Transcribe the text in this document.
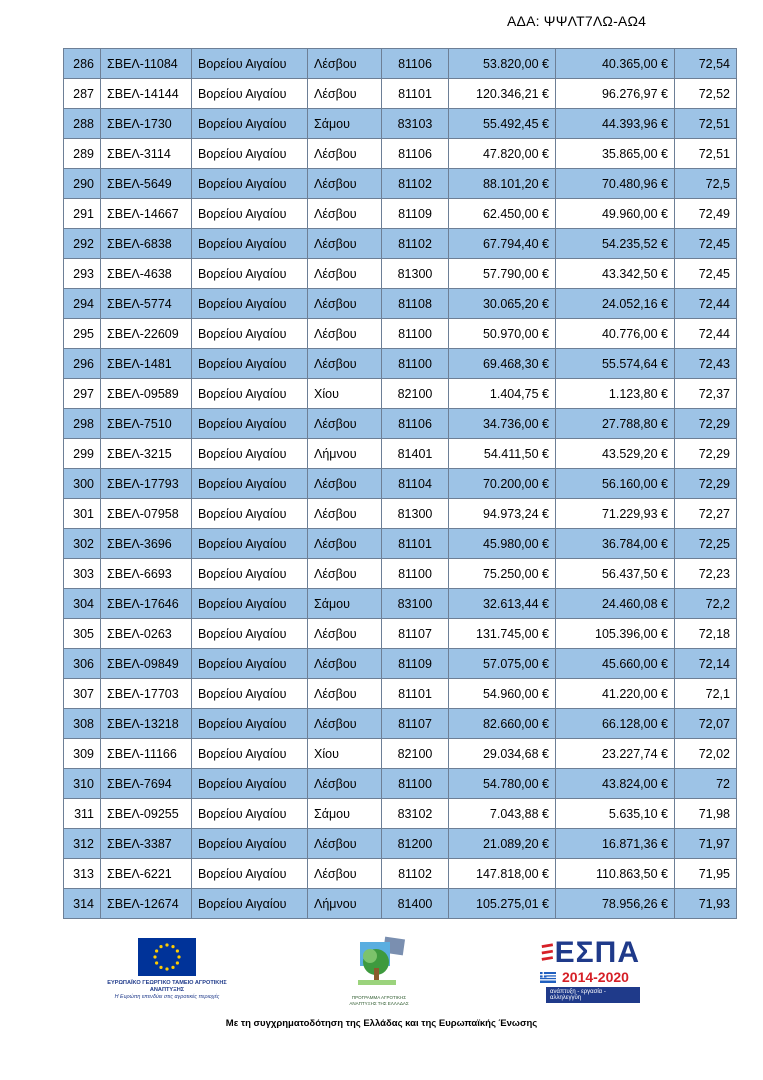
ΑΔΑ: ΨΨΛΤ7ΛΩ-ΑΩ4
286	ΣΒΕΛ-11084	Βορείου Αιγαίου	Λέσβου	81106	53.820,00 €	40.365,00 €	72,54
287	ΣΒΕΛ-14144	Βορείου Αιγαίου	Λέσβου	81101	120.346,21 €	96.276,97 €	72,52
288	ΣΒΕΛ-1730	Βορείου Αιγαίου	Σάμου	83103	55.492,45 €	44.393,96 €	72,51
289	ΣΒΕΛ-3114	Βορείου Αιγαίου	Λέσβου	81106	47.820,00 €	35.865,00 €	72,51
290	ΣΒΕΛ-5649	Βορείου Αιγαίου	Λέσβου	81102	88.101,20 €	70.480,96 €	72,5
291	ΣΒΕΛ-14667	Βορείου Αιγαίου	Λέσβου	81109	62.450,00 €	49.960,00 €	72,49
292	ΣΒΕΛ-6838	Βορείου Αιγαίου	Λέσβου	81102	67.794,40 €	54.235,52 €	72,45
293	ΣΒΕΛ-4638	Βορείου Αιγαίου	Λέσβου	81300	57.790,00 €	43.342,50 €	72,45
294	ΣΒΕΛ-5774	Βορείου Αιγαίου	Λέσβου	81108	30.065,20 €	24.052,16 €	72,44
295	ΣΒΕΛ-22609	Βορείου Αιγαίου	Λέσβου	81100	50.970,00 €	40.776,00 €	72,44
296	ΣΒΕΛ-1481	Βορείου Αιγαίου	Λέσβου	81100	69.468,30 €	55.574,64 €	72,43
297	ΣΒΕΛ-09589	Βορείου Αιγαίου	Χίου	82100	1.404,75 €	1.123,80 €	72,37
298	ΣΒΕΛ-7510	Βορείου Αιγαίου	Λέσβου	81106	34.736,00 €	27.788,80 €	72,29
299	ΣΒΕΛ-3215	Βορείου Αιγαίου	Λήμνου	81401	54.411,50 €	43.529,20 €	72,29
300	ΣΒΕΛ-17793	Βορείου Αιγαίου	Λέσβου	81104	70.200,00 €	56.160,00 €	72,29
301	ΣΒΕΛ-07958	Βορείου Αιγαίου	Λέσβου	81300	94.973,24 €	71.229,93 €	72,27
302	ΣΒΕΛ-3696	Βορείου Αιγαίου	Λέσβου	81101	45.980,00 €	36.784,00 €	72,25
303	ΣΒΕΛ-6693	Βορείου Αιγαίου	Λέσβου	81100	75.250,00 €	56.437,50 €	72,23
304	ΣΒΕΛ-17646	Βορείου Αιγαίου	Σάμου	83100	32.613,44 €	24.460,08 €	72,2
305	ΣΒΕΛ-0263	Βορείου Αιγαίου	Λέσβου	81107	131.745,00 €	105.396,00 €	72,18
306	ΣΒΕΛ-09849	Βορείου Αιγαίου	Λέσβου	81109	57.075,00 €	45.660,00 €	72,14
307	ΣΒΕΛ-17703	Βορείου Αιγαίου	Λέσβου	81101	54.960,00 €	41.220,00 €	72,1
308	ΣΒΕΛ-13218	Βορείου Αιγαίου	Λέσβου	81107	82.660,00 €	66.128,00 €	72,07
309	ΣΒΕΛ-11166	Βορείου Αιγαίου	Χίου	82100	29.034,68 €	23.227,74 €	72,02
310	ΣΒΕΛ-7694	Βορείου Αιγαίου	Λέσβου	81100	54.780,00 €	43.824,00 €	72
311	ΣΒΕΛ-09255	Βορείου Αιγαίου	Σάμου	83102	7.043,88 €	5.635,10 €	71,98
312	ΣΒΕΛ-3387	Βορείου Αιγαίου	Λέσβου	81200	21.089,20 €	16.871,36 €	71,97
313	ΣΒΕΛ-6221	Βορείου Αιγαίου	Λέσβου	81102	147.818,00 €	110.863,50 €	71,95
314	ΣΒΕΛ-12674	Βορείου Αιγαίου	Λήμνου	81400	105.275,01 €	78.956,26 €	71,93
ΕΥΡΩΠΑΪΚΟ ΓΕΩΡΓΙΚΟ ΤΑΜΕΙΟ ΑΓΡΟΤΙΚΗΣ ΑΝΑΠΤΥΞΗΣ
Η Ευρώπη επενδύει στις αγροτικές περιοχές	ΠΡΟΓΡΑΜΜΑ ΑΓΡΟΤΙΚΗΣ ΑΝΑΠΤΥΞΗΣ ΤΗΣ ΕΛΛΑΔΑΣ
ΕΣΠΑ
2014-2020
ανάπτυξη - εργασία - αλληλεγγύη
Με τη συγχρηματοδότηση της Ελλάδας και της Ευρωπαϊκής Ένωσης
